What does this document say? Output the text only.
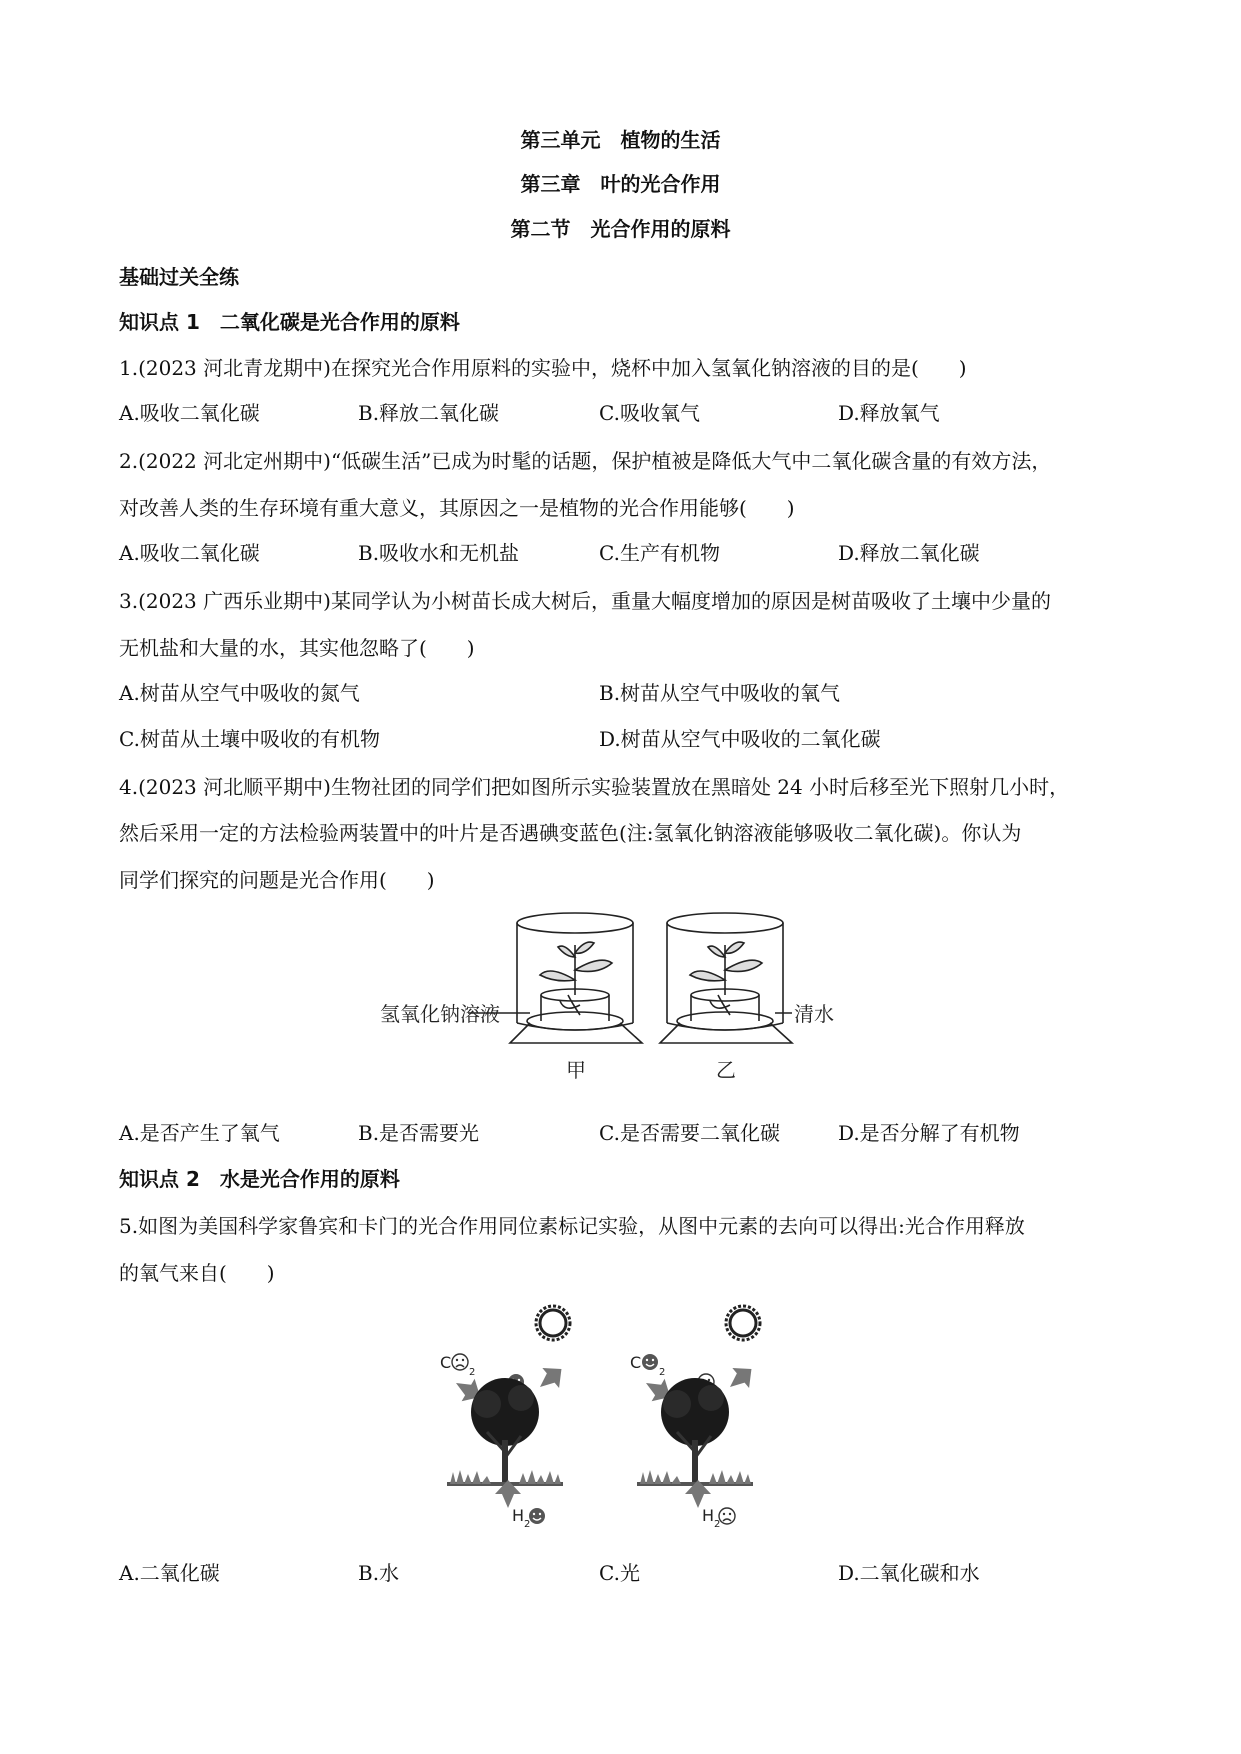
第三单元　植物的生活
第三章　叶的光合作用
第二节　光合作用的原料
基础过关全练
知识点 1　二氧化碳是光合作用的原料
1.(2023 河北青龙期中)在探究光合作用原料的实验中，烧杯中加入氢氧化钠溶液的目的是(　　)
A.吸收二氧化碳	B.释放二氧化碳	C.吸收氧气	D.释放氧气
2.(2022 河北定州期中)“低碳生活”已成为时髦的话题，保护植被是降低大气中二氧化碳含量的有效方法，
对改善人类的生存环境有重大意义，其原因之一是植物的光合作用能够(　　)
A.吸收二氧化碳	B.吸收水和无机盐	C.生产有机物	D.释放二氧化碳
3.(2023 广西乐业期中)某同学认为小树苗长成大树后，重量大幅度增加的原因是树苗吸收了土壤中少量的
无机盐和大量的水，其实他忽略了(　　)
A.树苗从空气中吸收的氮气	B.树苗从空气中吸收的氧气
C.树苗从土壤中吸收的有机物	D.树苗从空气中吸收的二氧化碳
4.(2023 河北顺平期中)生物社团的同学们把如图所示实验装置放在黑暗处 24 小时后移至光下照射几小时，
然后采用一定的方法检验两装置中的叶片是否遇碘变蓝色(注:氢氧化钠溶液能够吸收二氧化碳)。你认为
同学们探究的问题是光合作用(　　)
氢氧化钠溶液
甲
清水
乙
A.是否产生了氧气	B.是否需要光	C.是否需要二氧化碳	D.是否分解了有机物
知识点 2　水是光合作用的原料
5.如图为美国科学家鲁宾和卡门的光合作用同位素标记实验，从图中元素的去向可以得出:光合作用释放
的氧气来自(　　)
C
2
H 2
C
2
H 2
A.二氧化碳	B.水	C.光	D.二氧化碳和水
